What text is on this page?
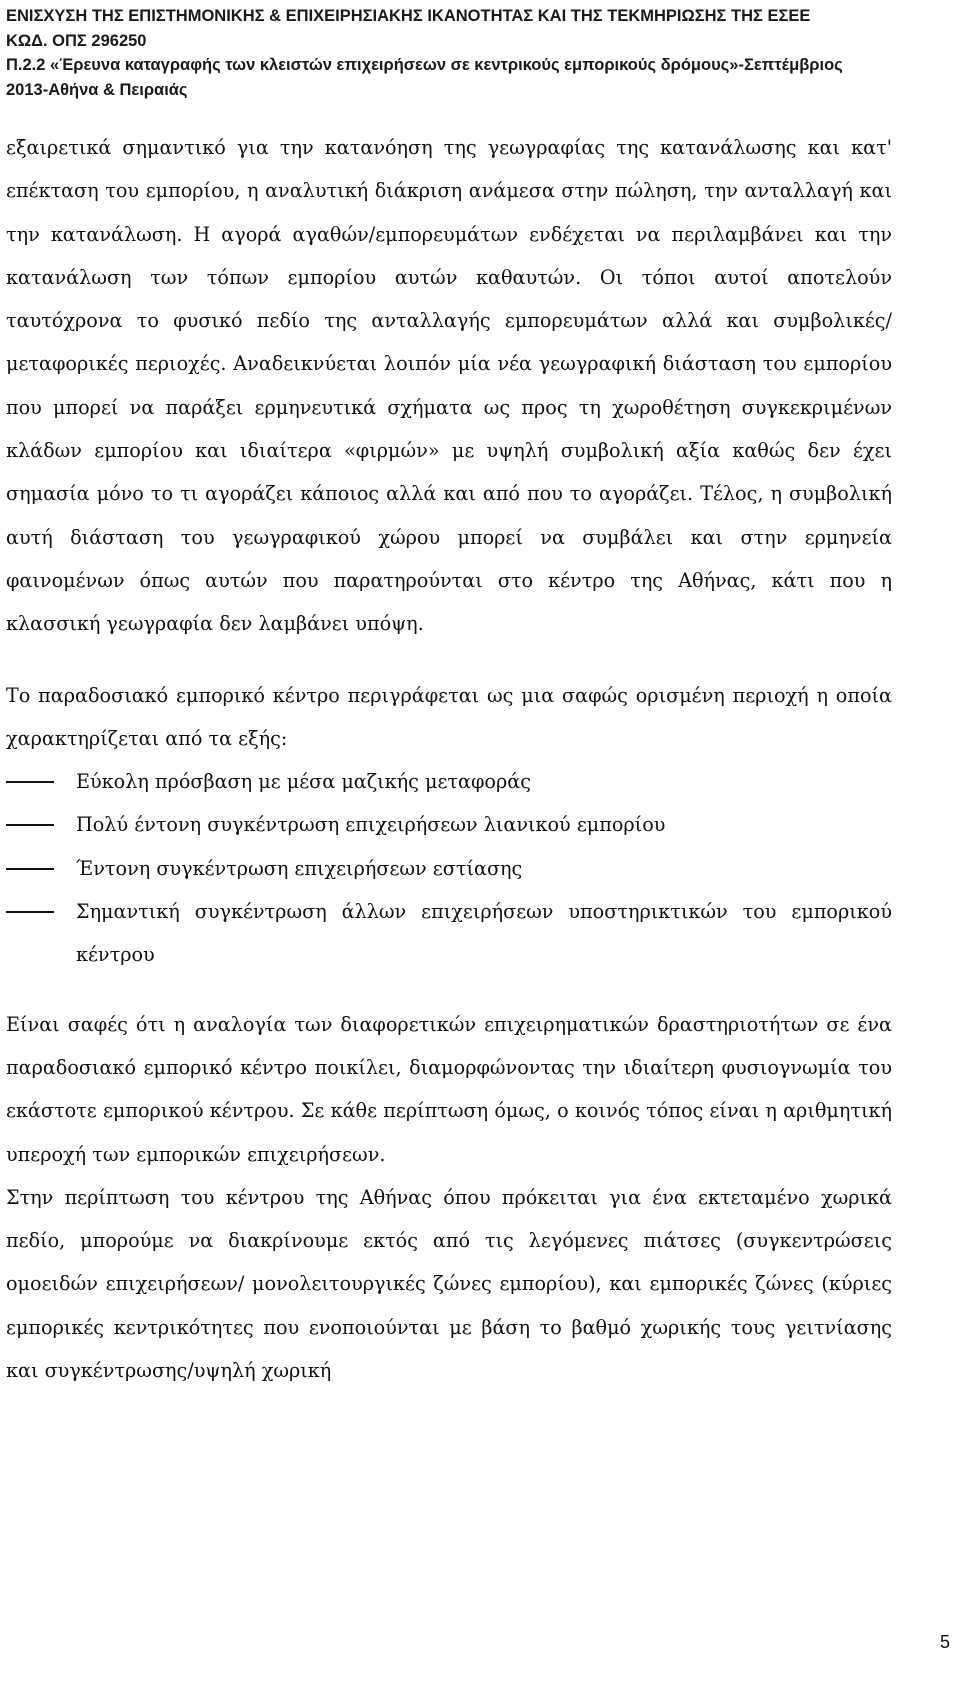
ΕΝΙΣΧΥΣΗ ΤΗΣ ΕΠΙΣΤΗΜΟΝΙΚΗΣ & ΕΠΙΧΕΙΡΗΣΙΑΚΗΣ ΙΚΑΝΟΤΗΤΑΣ ΚΑΙ ΤΗΣ ΤΕΚΜΗΡΙΩΣΗΣ ΤΗΣ ΕΣΕΕ
ΚΩΔ. ΟΠΣ 296250
Π.2.2 «Έρευνα καταγραφής των κλειστών επιχειρήσεων σε κεντρικούς εμπορικούς δρόμους»-Σεπτέμβριος
2013-Αθήνα & Πειραιάς

εξαιρετικά σημαντικό για την κατανόηση της γεωγραφίας της κατανάλωσης και κατ' επέκταση του εμπορίου, η αναλυτική διάκριση ανάμεσα στην πώληση, την ανταλλαγή και την κατανάλωση. Η αγορά αγαθών/εμπορευμάτων ενδέχεται να περιλαμβάνει και την κατανάλωση των τόπων εμπορίου αυτών καθαυτών. Οι τόποι αυτοί αποτελούν ταυτόχρονα το φυσικό πεδίο της ανταλλαγής εμπορευμάτων αλλά και συμβολικές/μεταφορικές περιοχές. Αναδεικνύεται λοιπόν μία νέα γεωγραφική διάσταση του εμπορίου που μπορεί να παράξει ερμηνευτικά σχήματα ως προς τη χωροθέτηση συγκεκριμένων κλάδων εμπορίου και ιδιαίτερα «φιρμών» με υψηλή συμβολική αξία καθώς δεν έχει σημασία μόνο το τι αγοράζει κάποιος αλλά και από που το αγοράζει. Τέλος, η συμβολική αυτή διάσταση του γεωγραφικού χώρου μπορεί να συμβάλει και στην ερμηνεία φαινομένων όπως αυτών που παρατηρούνται στο κέντρο της Αθήνας, κάτι που η κλασσική γεωγραφία δεν λαμβάνει υπόψη.

Το παραδοσιακό εμπορικό κέντρο περιγράφεται ως μια σαφώς ορισμένη περιοχή η οποία χαρακτηρίζεται από τα εξής:

Εύκολη πρόσβαση με μέσα μαζικής μεταφοράς
Πολύ έντονη συγκέντρωση επιχειρήσεων λιανικού εμπορίου
Έντονη συγκέντρωση επιχειρήσεων εστίασης
Σημαντική συγκέντρωση άλλων επιχειρήσεων υποστηρικτικών του εμπορικού κέντρου

Είναι σαφές ότι η αναλογία των διαφορετικών επιχειρηματικών δραστηριοτήτων σε ένα παραδοσιακό εμπορικό κέντρο ποικίλει, διαμορφώνοντας την ιδιαίτερη φυσιογνωμία του εκάστοτε εμπορικού κέντρου. Σε κάθε περίπτωση όμως, ο κοινός τόπος είναι η αριθμητική υπεροχή των εμπορικών επιχειρήσεων.

Στην περίπτωση του κέντρου της Αθήνας όπου πρόκειται για ένα εκτεταμένο χωρικά πεδίο, μπορούμε να διακρίνουμε εκτός από τις λεγόμενες πιάτσες (συγκεντρώσεις ομοειδών επιχειρήσεων/ μονολειτουργικές ζώνες εμπορίου), και εμπορικές ζώνες (κύριες εμπορικές κεντρικότητες που ενοποιούνται με βάση το βαθμό χωρικής τους γειτνίασης και συγκέντρωσης/υψηλή χωρική

5
